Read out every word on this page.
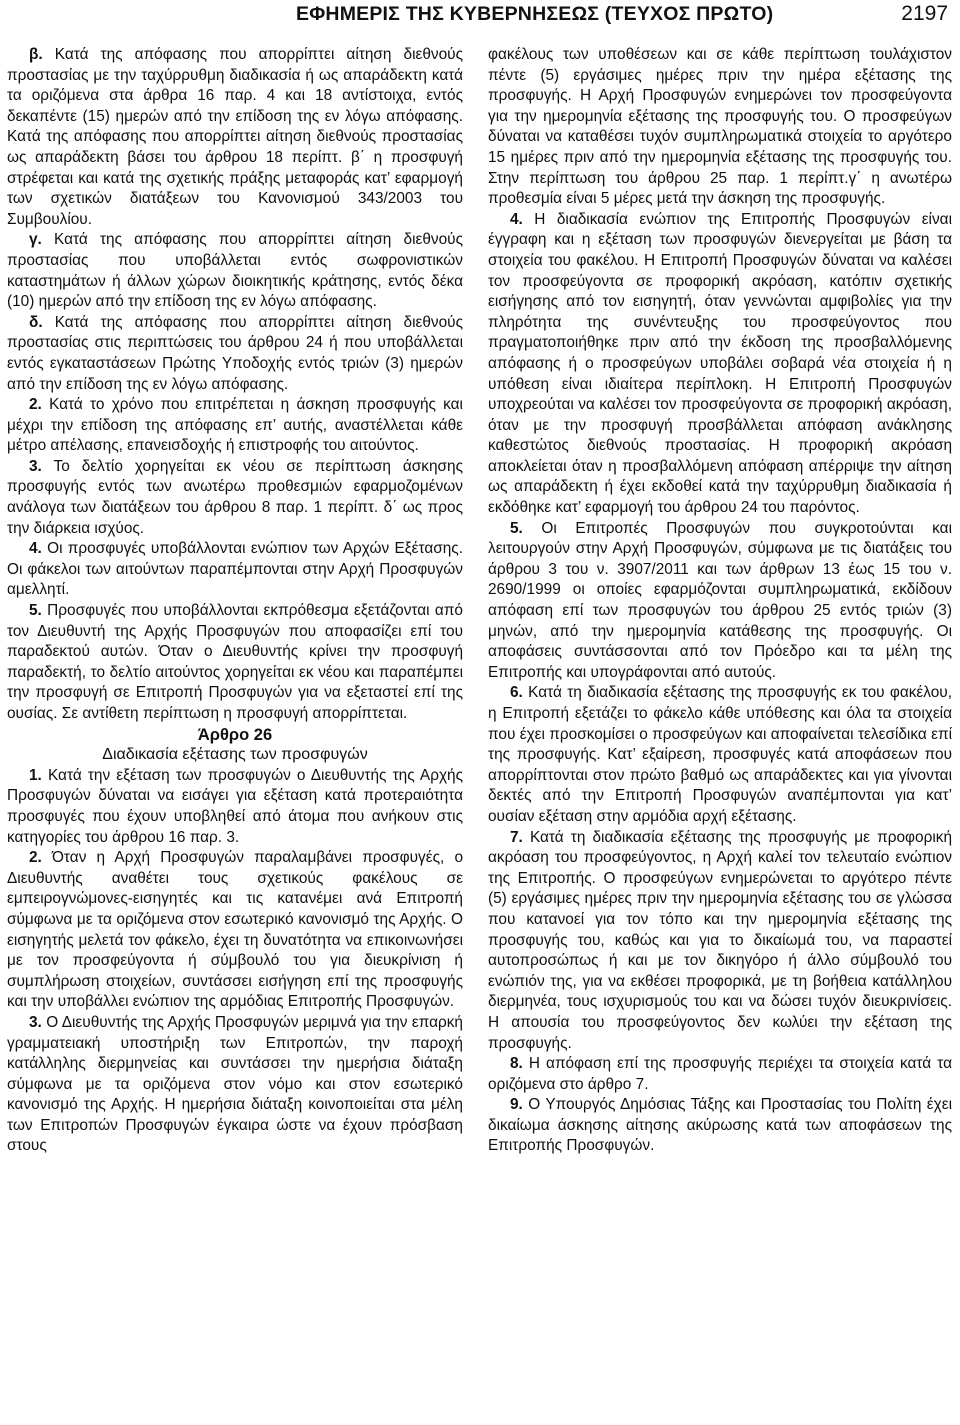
ΕΦΗΜΕΡΙΣ ΤΗΣ ΚΥΒΕΡΝΗΣΕΩΣ (ΤΕΥΧΟΣ ΠΡΩΤΟ)	2197

β. Κατά της απόφασης που απορρίπτει αίτηση διεθνούς προστασίας με την ταχύρρυθμη διαδικασία ή ως απαράδεκτη κατά τα οριζόμενα στα άρθρα 16 παρ. 4 και 18 αντίστοιχα, εντός δεκαπέντε (15) ημερών από την επίδοση της εν λόγω απόφασης. Κατά της απόφασης που απορρίπτει αίτηση διεθνούς προστασίας ως απαράδεκτη βάσει του άρθρου 18 περίπτ. β΄ η προσφυγή στρέφεται και κατά της σχετικής πράξης μεταφοράς κατ’ εφαρμογή των σχετικών διατάξεων του Κανονισμού 343/2003 του Συμβουλίου.

γ. Κατά της απόφασης που απορρίπτει αίτηση διεθνούς προστασίας που υποβάλλεται εντός σωφρονιστικών καταστημάτων ή άλλων χώρων διοικητικής κράτησης, εντός δέκα (10) ημερών από την επίδοση της εν λόγω απόφασης.

δ. Κατά της απόφασης που απορρίπτει αίτηση διεθνούς προστασίας στις περιπτώσεις του άρθρου 24 ή που υποβάλλεται εντός εγκαταστάσεων Πρώτης Υποδοχής εντός τριών (3) ημερών από την επίδοση της εν λόγω απόφασης.

2. Κατά το χρόνο που επιτρέπεται η άσκηση προσφυγής και μέχρι την επίδοση της απόφασης επ’ αυτής, αναστέλλεται κάθε μέτρο απέλασης, επανεισδοχής ή επιστροφής του αιτούντος.

3. Το δελτίο χορηγείται εκ νέου σε περίπτωση άσκησης προσφυγής εντός των ανωτέρω προθεσμιών εφαρμοζομένων ανάλογα των διατάξεων του άρθρου 8 παρ. 1 περίπτ. δ΄ ως προς την διάρκεια ισχύος.

4. Οι προσφυγές υποβάλλονται ενώπιον των Αρχών Εξέτασης. Οι φάκελοι των αιτούντων παραπέμπονται στην Αρχή Προσφυγών αμελλητί.

5. Προσφυγές που υποβάλλονται εκπρόθεσμα εξετάζονται από τον Διευθυντή της Αρχής Προσφυγών που αποφασίζει επί του παραδεκτού αυτών. Όταν ο Διευθυντής κρίνει την προσφυγή παραδεκτή, το δελτίο αιτούντος χορηγείται εκ νέου και παραπέμπει την προσφυγή σε Επιτροπή Προσφυγών για να εξεταστεί επί της ουσίας. Σε αντίθετη περίπτωση η προσφυγή απορρίπτεται.

Άρθρο 26

Διαδικασία εξέτασης των προσφυγών

1. Κατά την εξέταση των προσφυγών ο Διευθυντής της Αρχής Προσφυγών δύναται να εισάγει για εξέταση κατά προτεραιότητα προσφυγές που έχουν υποβληθεί από άτομα που ανήκουν στις κατηγορίες του άρθρου 16 παρ. 3.

2. Όταν η Αρχή Προσφυγών παραλαμβάνει προσφυγές, ο Διευθυντής αναθέτει τους σχετικούς φακέλους σε εμπειρογνώμονες-εισηγητές και τις κατανέμει ανά Επιτροπή σύμφωνα με τα οριζόμενα στον εσωτερικό κανονισμό της Αρχής. Ο εισηγητής μελετά τον φάκελο, έχει τη δυνατότητα να επικοινωνήσει με τον προσφεύγοντα ή σύμβουλό του για διευκρίνιση ή συμπλήρωση στοιχείων, συντάσσει εισήγηση επί της προσφυγής και την υποβάλλει ενώπιον της αρμόδιας Επιτροπής Προσφυγών.

3. Ο Διευθυντής της Αρχής Προσφυγών μεριμνά για την επαρκή γραμματειακή υποστήριξη των Επιτροπών, την παροχή κατάλληλης διερμηνείας και συντάσσει την ημερήσια διάταξη σύμφωνα με τα οριζόμενα στον νόμο και στον εσωτερικό κανονισμό της Αρχής. Η ημερήσια διάταξη κοινοποιείται στα μέλη των Επιτροπών Προσφυγών έγκαιρα ώστε να έχουν πρόσβαση στους

φακέλους των υποθέσεων και σε κάθε περίπτωση τουλάχιστον πέντε (5) εργάσιμες ημέρες πριν την ημέρα εξέτασης της προσφυγής. Η Αρχή Προσφυγών ενημερώνει τον προσφεύγοντα για την ημερομηνία εξέτασης της προσφυγής του. Ο προσφεύγων δύναται να καταθέσει τυχόν συμπληρωματικά στοιχεία το αργότερο 15 ημέρες πριν από την ημερομηνία εξέτασης της προσφυγής του. Στην περίπτωση του άρθρου 25 παρ. 1 περίπτ.γ΄ η ανωτέρω προθεσμία είναι 5 μέρες μετά την άσκηση της προσφυγής.

4. Η διαδικασία ενώπιον της Επιτροπής Προσφυγών είναι έγγραφη και η εξέταση των προσφυγών διενεργείται με βάση τα στοιχεία του φακέλου. Η Επιτροπή Προσφυγών δύναται να καλέσει τον προσφεύγοντα σε προφορική ακρόαση, κατόπιν σχετικής εισήγησης από τον εισηγητή, όταν γεννώνται αμφιβολίες για την πληρότητα της συνέντευξης του προσφεύγοντος που πραγματοποιήθηκε πριν από την έκδοση της προσβαλλόμενης απόφασης ή ο προσφεύγων υποβάλει σοβαρά νέα στοιχεία ή η υπόθεση είναι ιδιαίτερα περίπλοκη. Η Επιτροπή Προσφυγών υποχρεούται να καλέσει τον προσφεύγοντα σε προφορική ακρόαση, όταν με την προσφυγή προσβάλλεται απόφαση ανάκλησης καθεστώτος διεθνούς προστασίας. Η προφορική ακρόαση αποκλείεται όταν η προσβαλλόμενη απόφαση απέρριψε την αίτηση ως απαράδεκτη ή έχει εκδοθεί κατά την ταχύρρυθμη διαδικασία ή εκδόθηκε κατ’ εφαρμογή του άρθρου 24 του παρόντος.

5. Οι Επιτροπές Προσφυγών που συγκροτούνται και λειτουργούν στην Αρχή Προσφυγών, σύμφωνα με τις διατάξεις του άρθρου 3 του ν. 3907/2011 και των άρθρων 13 έως 15 του ν. 2690/1999 οι οποίες εφαρμόζονται συμπληρωματικά, εκδίδουν απόφαση επί των προσφυγών του άρθρου 25 εντός τριών (3) μηνών, από την ημερομηνία κατάθεσης της προσφυγής. Οι αποφάσεις συντάσσονται από τον Πρόεδρο και τα μέλη της Επιτροπής και υπογράφονται από αυτούς.

6. Κατά τη διαδικασία εξέτασης της προσφυγής εκ του φακέλου, η Επιτροπή εξετάζει το φάκελο κάθε υπόθεσης και όλα τα στοιχεία που έχει προσκομίσει ο προσφεύγων και αποφαίνεται τελεσίδικα επί της προσφυγής. Κατ’ εξαίρεση, προσφυγές κατά αποφάσεων που απορρίπτονται στον πρώτο βαθμό ως απαράδεκτες και για γίνονται δεκτές από την Επιτροπή Προσφυγών αναπέμπονται για κατ’ ουσίαν εξέταση στην αρμόδια αρχή εξέτασης.

7. Κατά τη διαδικασία εξέτασης της προσφυγής με προφορική ακρόαση του προσφεύγοντος, η Αρχή καλεί τον τελευταίο ενώπιον της Επιτροπής. Ο προσφεύγων ενημερώνεται το αργότερο πέντε (5) εργάσιμες ημέρες πριν την ημερομηνία εξέτασης του σε γλώσσα που κατανοεί για τον τόπο και την ημερομηνία εξέτασης της προσφυγής του, καθώς και για το δικαίωμά του, να παραστεί αυτοπροσώπως ή και με τον δικηγόρο ή άλλο σύμβουλό του ενώπιόν της, για να εκθέσει προφορικά, με τη βοήθεια κατάλληλου διερμηνέα, τους ισχυρισμούς του και να δώσει τυχόν διευκρινίσεις. Η απουσία του προσφεύγοντος δεν κωλύει την εξέταση της προσφυγής.

8. Η απόφαση επί της προσφυγής περιέχει τα στοιχεία κατά τα οριζόμενα στο άρθρο 7.

9. Ο Υπουργός Δημόσιας Τάξης και Προστασίας του Πολίτη έχει δικαίωμα άσκησης αίτησης ακύρωσης κατά των αποφάσεων της Επιτροπής Προσφυγών.
